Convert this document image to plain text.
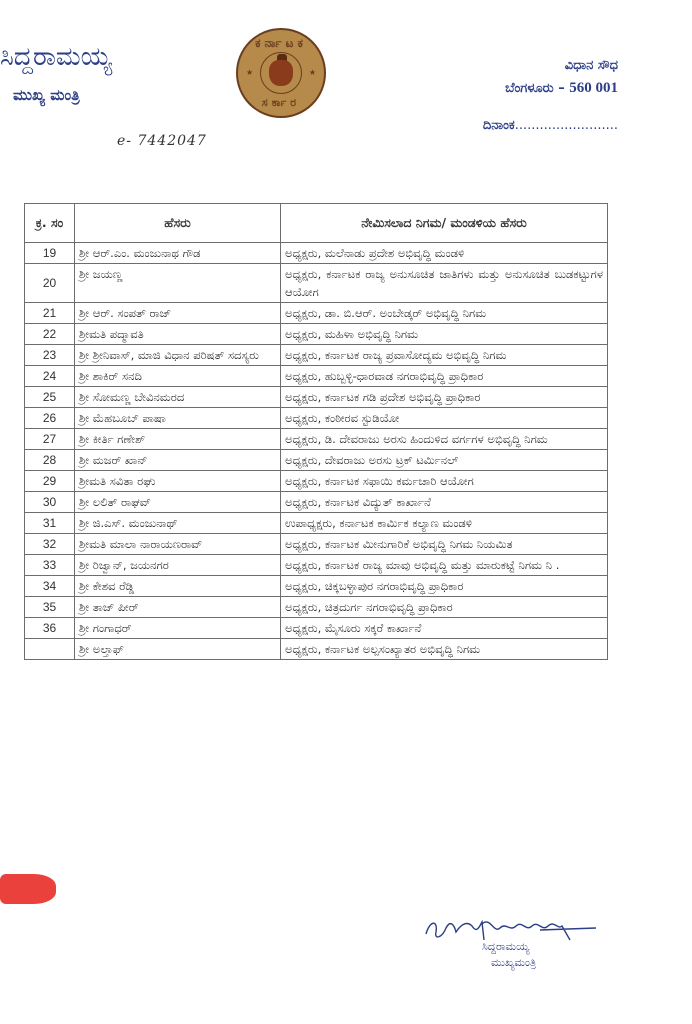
ಸಿದ್ದರಾಮಯ್ಯ
ಮುಖ್ಯ ಮಂತ್ರಿ
ಕರ್ನಾಟಕ
★	★
ಸರ್ಕಾರ
ವಿಧಾನ ಸೌಧ
ಬೆಂಗಳೂರು – 560 001
ದಿನಾಂಕ.........................
e- 7442047
ಕ್ರ. ಸಂ	ಹೆಸರು	ನೇಮಿಸಲಾದ ನಿಗಮ/ ಮಂಡಳಿಯ ಹೆಸರು
19	ಶ್ರೀ ಆರ್.ಎಂ. ಮಂಜುನಾಥ ಗೌಡ	ಅಧ್ಯಕ್ಷರು, ಮಲೆನಾಡು ಪ್ರದೇಶ ಅಭಿವೃದ್ಧಿ ಮಂಡಳಿ
20	ಶ್ರೀ ಜಯಣ್ಣ	ಅಧ್ಯಕ್ಷರು, ಕರ್ನಾಟಕ ರಾಜ್ಯ ಅನುಸೂಚಿತ ಜಾತಿಗಳು ಮತ್ತು ಅನುಸೂಚಿತ ಬುಡಕಟ್ಟುಗಳ ಆಯೋಗ
21	ಶ್ರೀ ಆರ್. ಸಂಪತ್ ರಾಜ್	ಅಧ್ಯಕ್ಷರು, ಡಾ. ಬಿ.ಆರ್. ಅಂಬೇಡ್ಕರ್ ಅಭಿವೃದ್ಧಿ ನಿಗಮ
22	ಶ್ರೀಮತಿ ಪದ್ಮಾವತಿ	ಅಧ್ಯಕ್ಷರು, ಮಹಿಳಾ ಅಭಿವೃದ್ಧಿ ನಿಗಮ
23	ಶ್ರೀ ಶ್ರೀನಿವಾಸ್, ಮಾಜಿ ವಿಧಾನ ಪರಿಷತ್ ಸದಸ್ಯರು	ಅಧ್ಯಕ್ಷರು, ಕರ್ನಾಟಕ ರಾಜ್ಯ ಪ್ರವಾಸೋದ್ಯಮ ಅಭಿವೃದ್ಧಿ ನಿಗಮ
24	ಶ್ರೀ ಶಾಕಿರ್ ಸನದಿ	ಅಧ್ಯಕ್ಷರು, ಹುಬ್ಬಳ್ಳಿ-ಧಾರವಾಡ ನಗರಾಭಿವೃದ್ಧಿ ಪ್ರಾಧಿಕಾರ
25	ಶ್ರೀ ಸೋಮಣ್ಣ ಬೇವಿನಮರದ	ಅಧ್ಯಕ್ಷರು, ಕರ್ನಾಟಕ ಗಡಿ ಪ್ರದೇಶ ಅಭಿವೃದ್ಧಿ ಪ್ರಾಧಿಕಾರ
26	ಶ್ರೀ ಮೆಹಬೂಬ್ ಪಾಷಾ	ಅಧ್ಯಕ್ಷರು, ಕಂಠೀರವ ಸ್ಟುಡಿಯೋ
27	ಶ್ರೀ ಕೀರ್ತಿ ಗಣೇಶ್	ಅಧ್ಯಕ್ಷರು, ಡಿ. ದೇವರಾಜು ಅರಸು ಹಿಂದುಳಿದ ವರ್ಗಗಳ ಅಭಿವೃದ್ಧಿ ನಿಗಮ
28	ಶ್ರೀ ಮಜರ್ ಖಾನ್	ಅಧ್ಯಕ್ಷರು, ದೇವರಾಜು ಅರಸು ಟ್ರಕ್ ಟರ್ಮಿನಲ್
29	ಶ್ರೀಮತಿ ಸವಿತಾ ರಘು	ಅಧ್ಯಕ್ಷರು, ಕರ್ನಾಟಕ ಸಫಾಯಿ ಕರ್ಮಚಾರಿ ಆಯೋಗ
30	ಶ್ರೀ ಲಲಿತ್ ರಾಘವ್	ಅಧ್ಯಕ್ಷರು, ಕರ್ನಾಟಕ ವಿದ್ಯುತ್ ಕಾರ್ಖಾನೆ
31	ಶ್ರೀ ಜಿ.ಎಸ್. ಮಂಜುನಾಥ್	ಉಪಾಧ್ಯಕ್ಷರು, ಕರ್ನಾಟಕ ಕಾರ್ಮಿಕ ಕಲ್ಯಾಣ ಮಂಡಳಿ
32	ಶ್ರೀಮತಿ ಮಾಲಾ ನಾರಾಯಣರಾವ್	ಅಧ್ಯಕ್ಷರು, ಕರ್ನಾಟಕ ಮೀನುಗಾರಿಕೆ ಅಭಿವೃದ್ಧಿ ನಿಗಮ ನಿಯಮಿತ
33	ಶ್ರೀ ರಿಜ್ವಾನ್, ಜಯನಗರ	ಅಧ್ಯಕ್ಷರು, ಕರ್ನಾಟಕ ರಾಜ್ಯ ಮಾವು ಅಭಿವೃದ್ಧಿ ಮತ್ತು ಮಾರುಕಟ್ಟೆ ನಿಗಮ ನಿ .
34	ಶ್ರೀ ಕೇಶವ ರೆಡ್ಡಿ	ಅಧ್ಯಕ್ಷರು, ಚಿಕ್ಕಬಳ್ಳಾಪುರ ನಗರಾಭಿವೃದ್ಧಿ ಪ್ರಾಧಿಕಾರ
35	ಶ್ರೀ ತಾಜ್ ಪೀರ್	ಅಧ್ಯಕ್ಷರು, ಚಿತ್ರದುರ್ಗ ನಗರಾಭಿವೃದ್ಧಿ ಪ್ರಾಧಿಕಾರ
36	ಶ್ರೀ ಗಂಗಾಧರ್	ಅಧ್ಯಕ್ಷರು, ಮೈಸೂರು ಸಕ್ಕರೆ ಕಾರ್ಖಾನೆ
	ಶ್ರೀ ಅಲ್ತಾಫ್	ಅಧ್ಯಕ್ಷರು, ಕರ್ನಾಟಕ ಅಲ್ಪಸಂಖ್ಯಾತರ ಅಭಿವೃದ್ಧಿ ನಿಗಮ
ಸಿದ್ದರಾಮಯ್ಯ
ಮುಖ್ಯಮಂತ್ರಿ
